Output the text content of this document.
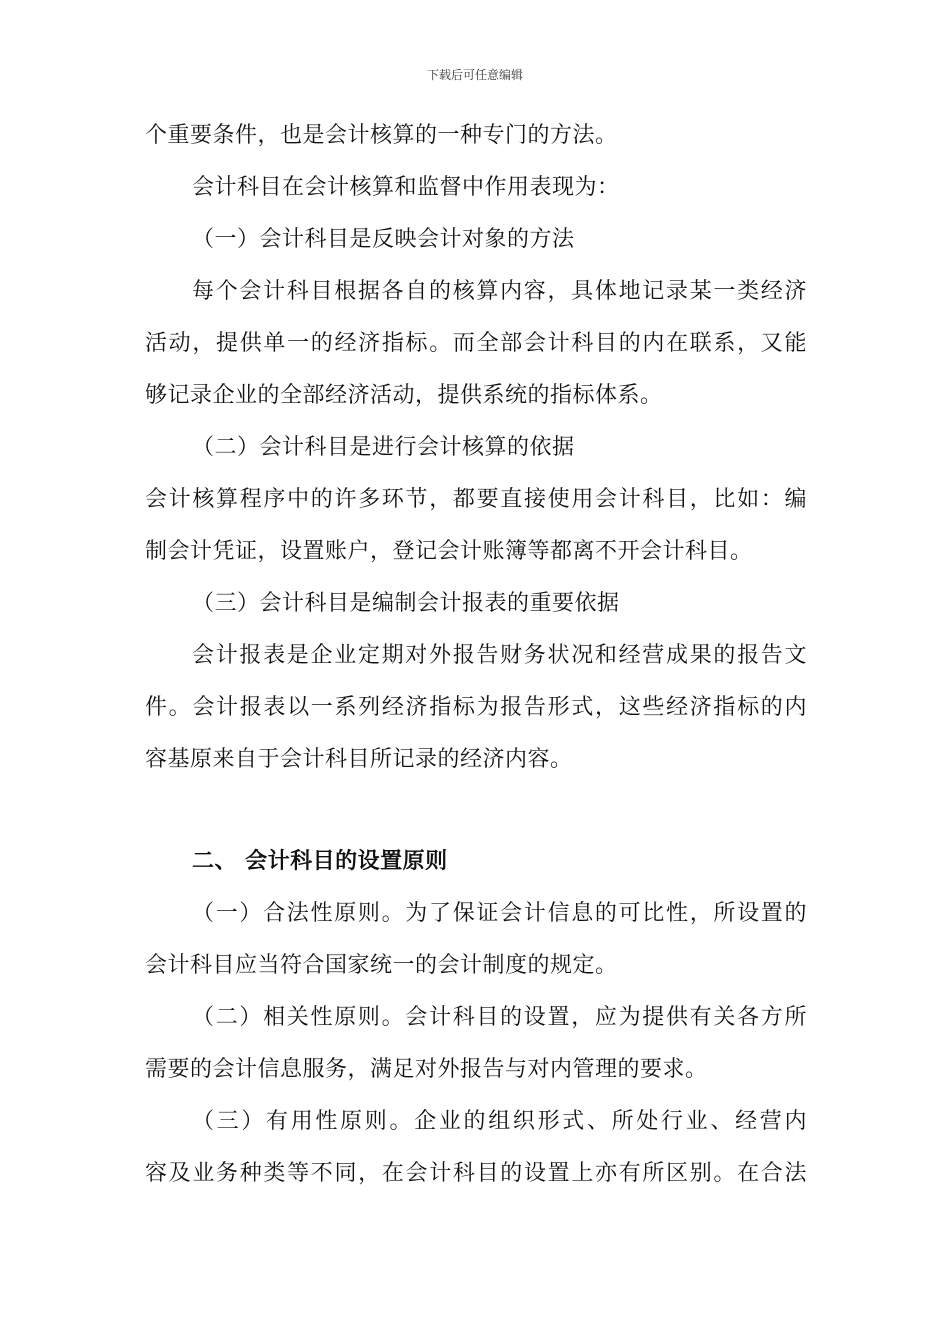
下载后可任意编辑
个重要条件，也是会计核算的一种专门的方法。
会计科目在会计核算和监督中作用表现为：
（一）会计科目是反映会计对象的方法
每个会计科目根据各自的核算内容，具体地记录某一类经济
活动，提供单一的经济指标。而全部会计科目的内在联系，又能
够记录企业的全部经济活动，提供系统的指标体系。
（二）会计科目是进行会计核算的依据
会计核算程序中的许多环节，都要直接使用会计科目，比如：编
制会计凭证，设置账户，登记会计账簿等都离不开会计科目。
（三）会计科目是编制会计报表的重要依据
会计报表是企业定期对外报告财务状况和经营成果的报告文
件。会计报表以一系列经济指标为报告形式，这些经济指标的内
容基原来自于会计科目所记录的经济内容。
二、 会计科目的设置原则
（一）合法性原则。为了保证会计信息的可比性，所设置的
会计科目应当符合国家统一的会计制度的规定。
（二）相关性原则。会计科目的设置，应为提供有关各方所
需要的会计信息服务，满足对外报告与对内管理的要求。
（三）有用性原则。企业的组织形式、所处行业、经营内
容及业务种类等不同，在会计科目的设置上亦有所区别。在合法
